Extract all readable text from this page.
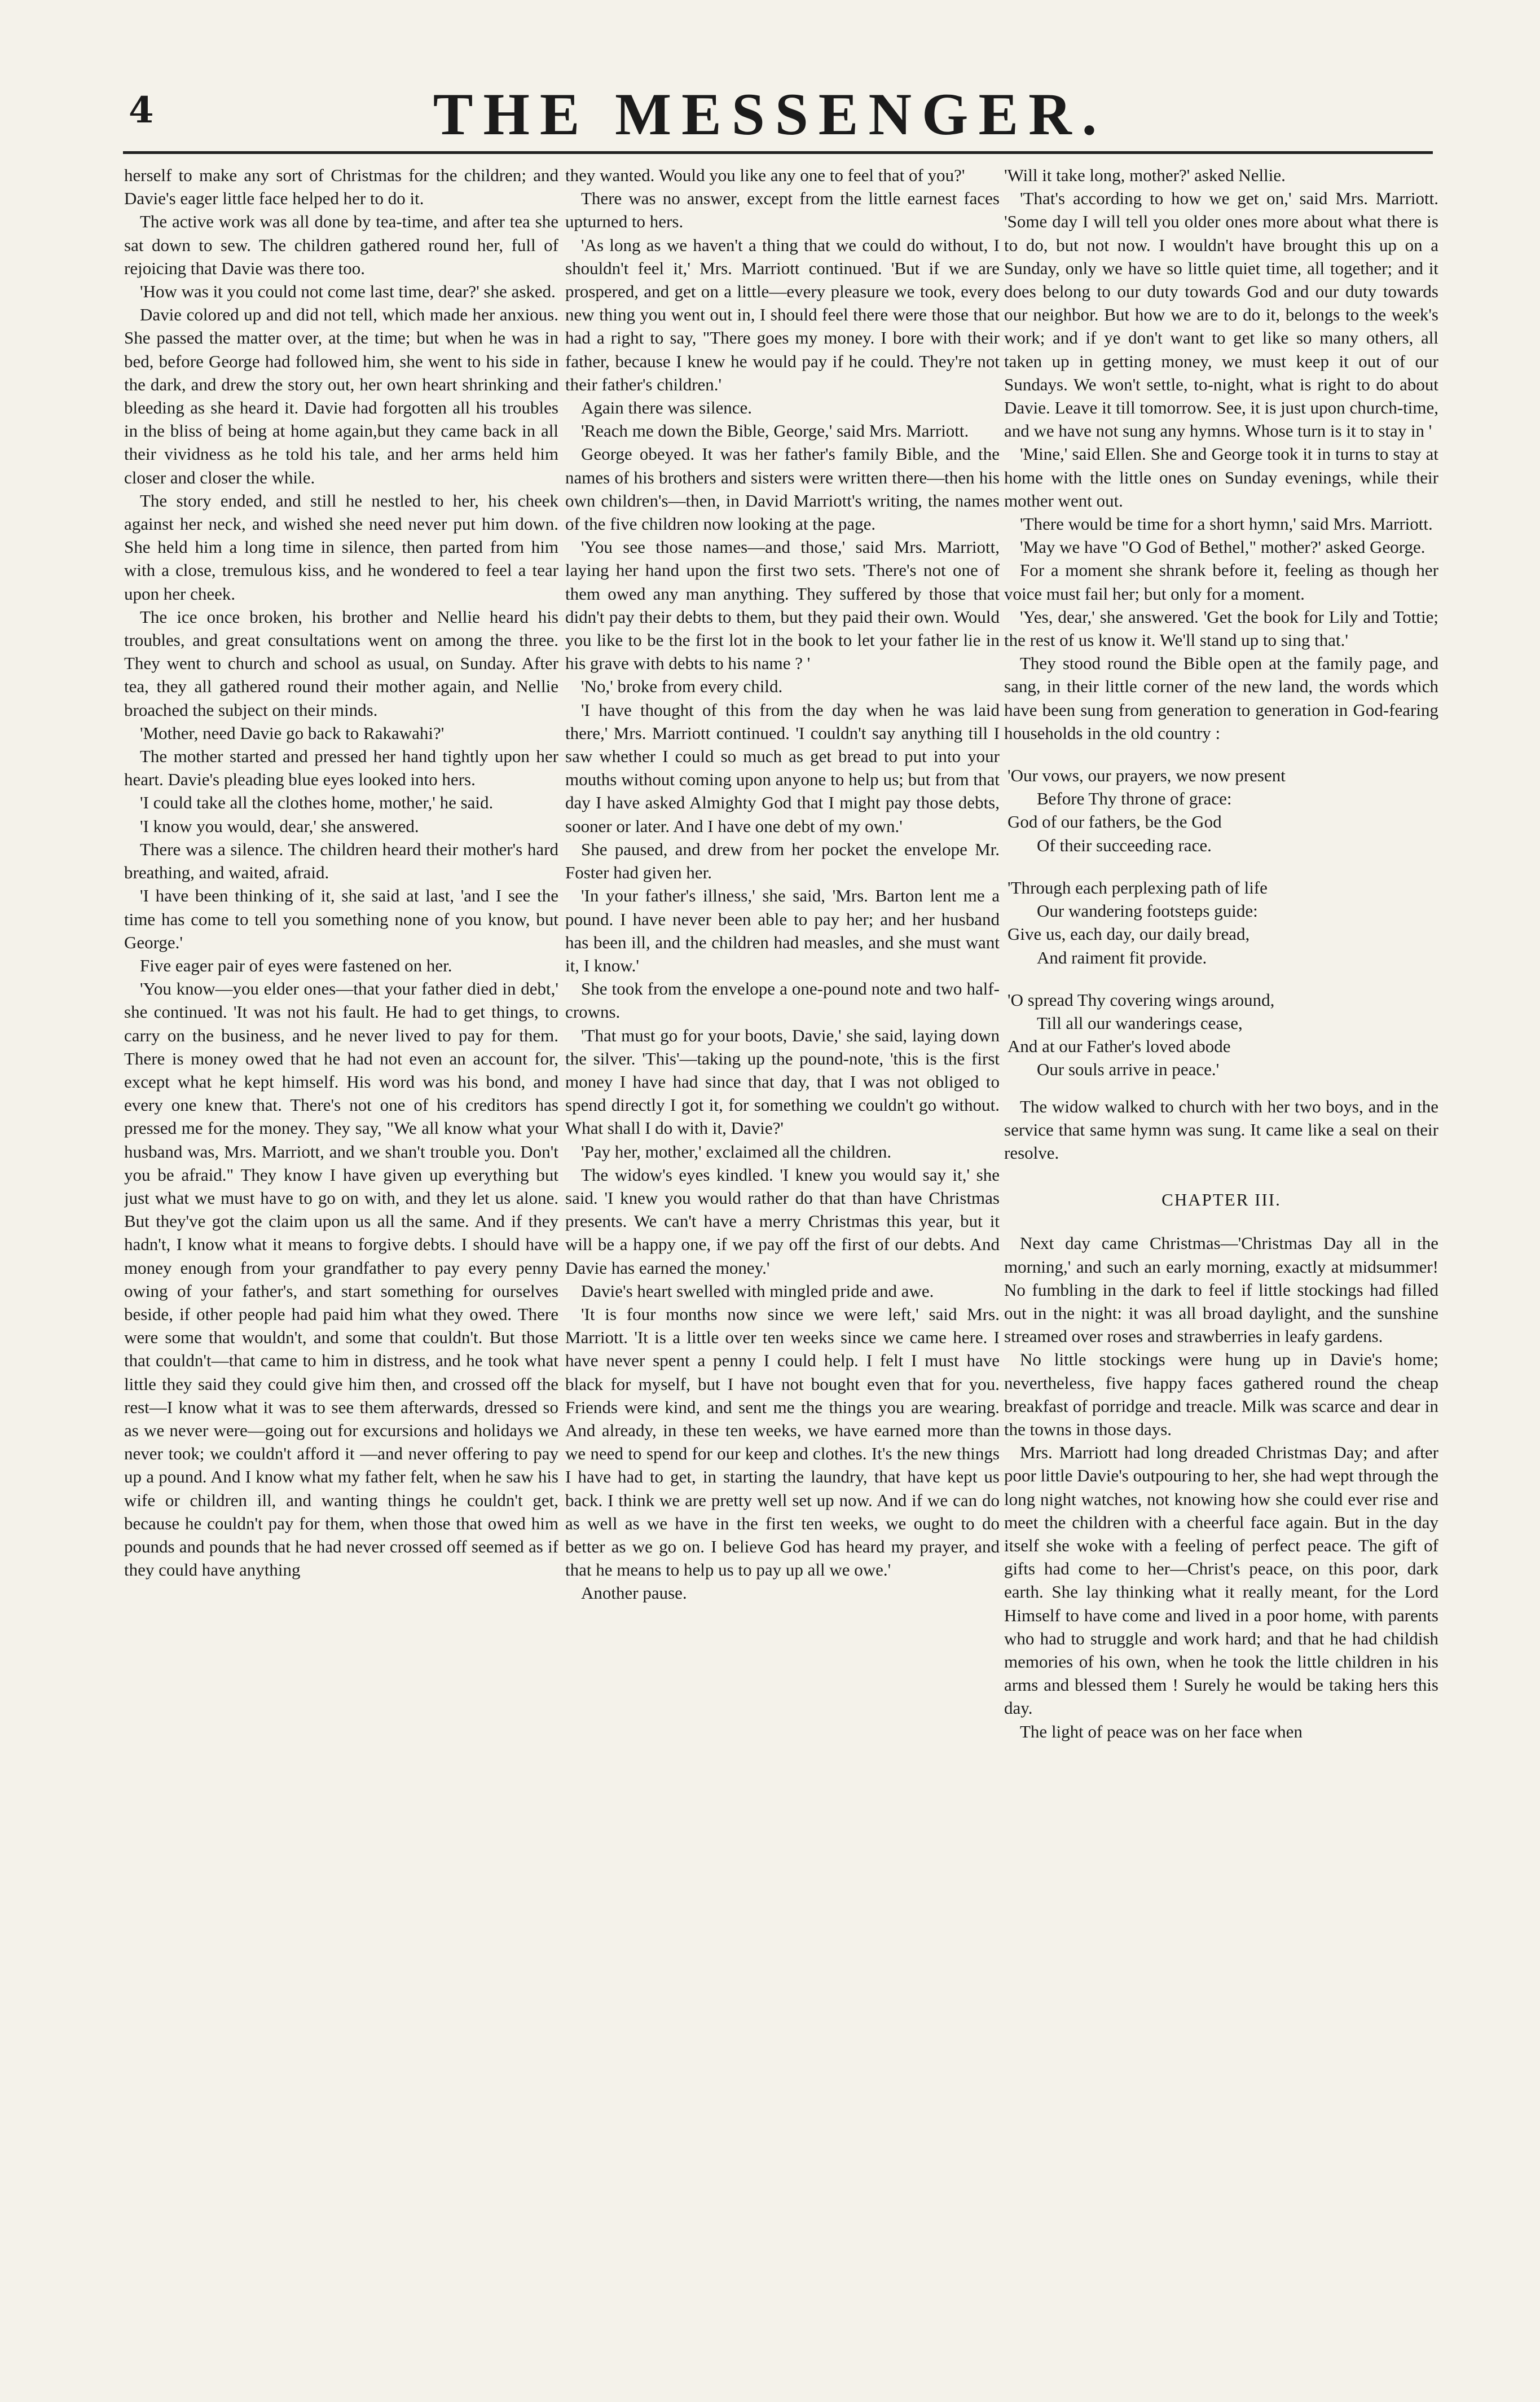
4	THE MESSENGER.

herself to make any sort of Christmas for the children; and Davie's eager little face helped her to do it.

The active work was all done by tea-time, and after tea she sat down to sew. The children gathered round her, full of rejoicing that Davie was there too.

'How was it you could not come last time, dear?' she asked.

Davie colored up and did not tell, which made her anxious. She passed the matter over, at the time; but when he was in bed, before George had followed him, she went to his side in the dark, and drew the story out, her own heart shrinking and bleeding as she heard it. Davie had forgotten all his troubles in the bliss of being at home again,but they came back in all their vividness as he told his tale, and her arms held him closer and closer the while.

The story ended, and still he nestled to her, his cheek against her neck, and wished she need never put him down. She held him a long time in silence, then parted from him with a close, tremulous kiss, and he wondered to feel a tear upon her cheek.

The ice once broken, his brother and Nellie heard his troubles, and great consultations went on among the three. They went to church and school as usual, on Sunday. After tea, they all gathered round their mother again, and Nellie broached the subject on their minds.

'Mother, need Davie go back to Rakawahi?'

The mother started and pressed her hand tightly upon her heart. Davie's pleading blue eyes looked into hers.

'I could take all the clothes home, mother,' he said.

'I know you would, dear,' she answered.

There was a silence. The children heard their mother's hard breathing, and waited, afraid.

'I have been thinking of it, she said at last, 'and I see the time has come to tell you something none of you know, but George.'

Five eager pair of eyes were fastened on her.

'You know—you elder ones—that your father died in debt,' she continued. 'It was not his fault. He had to get things, to carry on the business, and he never lived to pay for them. There is money owed that he had not even an account for, except what he kept himself. His word was his bond, and every one knew that. There's not one of his creditors has pressed me for the money. They say, "We all know what your husband was, Mrs. Marriott, and we shan't trouble you. Don't you be afraid." They know I have given up everything but just what we must have to go on with, and they let us alone. But they've got the claim upon us all the same. And if they hadn't, I know what it means to forgive debts. I should have money enough from your grandfather to pay every penny owing of your father's, and start something for ourselves beside, if other people had paid him what they owed. There were some that wouldn't, and some that couldn't. But those that couldn't—that came to him in distress, and he took what little they said they could give him then, and crossed off the rest—I know what it was to see them afterwards, dressed so as we never were—going out for excursions and holidays we never took; we couldn't afford it —and never offering to pay up a pound. And I know what my father felt, when he saw his wife or children ill, and wanting things he couldn't get, because he couldn't pay for them, when those that owed him pounds and pounds that he had never crossed off seemed as if they could have anything

they wanted. Would you like any one to feel that of you?'

There was no answer, except from the little earnest faces upturned to hers.

'As long as we haven't a thing that we could do without, I shouldn't feel it,' Mrs. Marriott continued. 'But if we are prospered, and get on a little—every pleasure we took, every new thing you went out in, I should feel there were those that had a right to say, "There goes my money. I bore with their father, because I knew he would pay if he could. They're not their father's children.'

Again there was silence.

'Reach me down the Bible, George,' said Mrs. Marriott.

George obeyed. It was her father's family Bible, and the names of his brothers and sisters were written there—then his own children's—then, in David Marriott's writing, the names of the five children now looking at the page.

'You see those names—and those,' said Mrs. Marriott, laying her hand upon the first two sets. 'There's not one of them owed any man anything. They suffered by those that didn't pay their debts to them, but they paid their own. Would you like to be the first lot in the book to let your father lie in his grave with debts to his name ? '

'No,' broke from every child.

'I have thought of this from the day when he was laid there,' Mrs. Marriott continued. 'I couldn't say anything till I saw whether I could so much as get bread to put into your mouths without coming upon anyone to help us; but from that day I have asked Almighty God that I might pay those debts, sooner or later. And I have one debt of my own.'

She paused, and drew from her pocket the envelope Mr. Foster had given her.

'In your father's illness,' she said, 'Mrs. Barton lent me a pound. I have never been able to pay her; and her husband has been ill, and the children had measles, and she must want it, I know.'

She took from the envelope a one-pound note and two half-crowns.

'That must go for your boots, Davie,' she said, laying down the silver. 'This'—taking up the pound-note, 'this is the first money I have had since that day, that I was not obliged to spend directly I got it, for something we couldn't go without. What shall I do with it, Davie?'

'Pay her, mother,' exclaimed all the children.

The widow's eyes kindled. 'I knew you would say it,' she said. 'I knew you would rather do that than have Christmas presents. We can't have a merry Christmas this year, but it will be a happy one, if we pay off the first of our debts. And Davie has earned the money.'

Davie's heart swelled with mingled pride and awe.

'It is four months now since we were left,' said Mrs. Marriott. 'It is a little over ten weeks since we came here. I have never spent a penny I could help. I felt I must have black for myself, but I have not bought even that for you. Friends were kind, and sent me the things you are wearing. And already, in these ten weeks, we have earned more than we need to spend for our keep and clothes. It's the new things I have had to get, in starting the laundry, that have kept us back. I think we are pretty well set up now. And if we can do as well as we have in the first ten weeks, we ought to do better as we go on. I believe God has heard my prayer, and that he means to help us to pay up all we owe.'

Another pause.

'Will it take long, mother?' asked Nellie.

'That's according to how we get on,' said Mrs. Marriott. 'Some day I will tell you older ones more about what there is to do, but not now. I wouldn't have brought this up on a Sunday, only we have so little quiet time, all together; and it does belong to our duty towards God and our duty towards our neighbor. But how we are to do it, belongs to the week's work; and if ye don't want to get like so many others, all taken up in getting money, we must keep it out of our Sundays. We won't settle, to-night, what is right to do about Davie. Leave it till tomorrow. See, it is just upon church-time, and we have not sung any hymns. Whose turn is it to stay in '

'Mine,' said Ellen. She and George took it in turns to stay at home with the little ones on Sunday evenings, while their mother went out.

'There would be time for a short hymn,' said Mrs. Marriott.

'May we have "O God of Bethel," mother?' asked George.

For a moment she shrank before it, feeling as though her voice must fail her; but only for a moment.

'Yes, dear,' she answered. 'Get the book for Lily and Tottie; the rest of us know it. We'll stand up to sing that.'

They stood round the Bible open at the family page, and sang, in their little corner of the new land, the words which have been sung from generation to generation in God-fearing households in the old country :

'Our vows, our prayers, we now present
Before Thy throne of grace:
God of our fathers, be the God
Of their succeeding race.
'Through each perplexing path of life
Our wandering footsteps guide:
Give us, each day, our daily bread,
And raiment fit provide.
'O spread Thy covering wings around,
Till all our wanderings cease,
And at our Father's loved abode
Our souls arrive in peace.'

The widow walked to church with her two boys, and in the service that same hymn was sung. It came like a seal on their resolve.

CHAPTER III.

Next day came Christmas—'Christmas Day all in the morning,' and such an early morning, exactly at midsummer! No fumbling in the dark to feel if little stockings had filled out in the night: it was all broad daylight, and the sunshine streamed over roses and strawberries in leafy gardens.

No little stockings were hung up in Davie's home; nevertheless, five happy faces gathered round the cheap breakfast of porridge and treacle. Milk was scarce and dear in the towns in those days.

Mrs. Marriott had long dreaded Christmas Day; and after poor little Davie's outpouring to her, she had wept through the long night watches, not knowing how she could ever rise and meet the children with a cheerful face again. But in the day itself she woke with a feeling of perfect peace. The gift of gifts had come to her—Christ's peace, on this poor, dark earth. She lay thinking what it really meant, for the Lord Himself to have come and lived in a poor home, with parents who had to struggle and work hard; and that he had childish memories of his own, when he took the little children in his arms and blessed them ! Surely he would be taking hers this day.

The light of peace was on her face when
